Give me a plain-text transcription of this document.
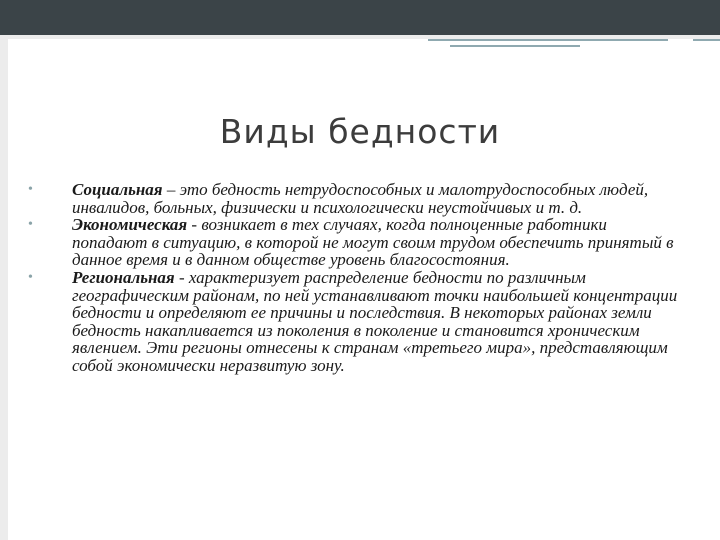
Виды бедности
•	Социальная – это бедность нетрудоспособных и малотрудоспособных людей, инвалидов, больных, физически и психологически неустойчивых и т. д.
•	Экономическая - возникает в тех случаях, когда полноценные работники попадают в ситуацию, в которой не могут своим трудом обеспечить принятый в данное время и в данном обществе уровень благосостояния.
•	Региональная - характеризует распределение бедности по различным географическим районам, по ней устанавливают точки наибольшей концентрации бедности и определяют ее причины и последствия. В некоторых районах земли бедность накапливается из поколения в поколение и становится хроническим явлением. Эти регионы отнесены к странам «третьего мира», представляющим собой экономически неразвитую зону.
